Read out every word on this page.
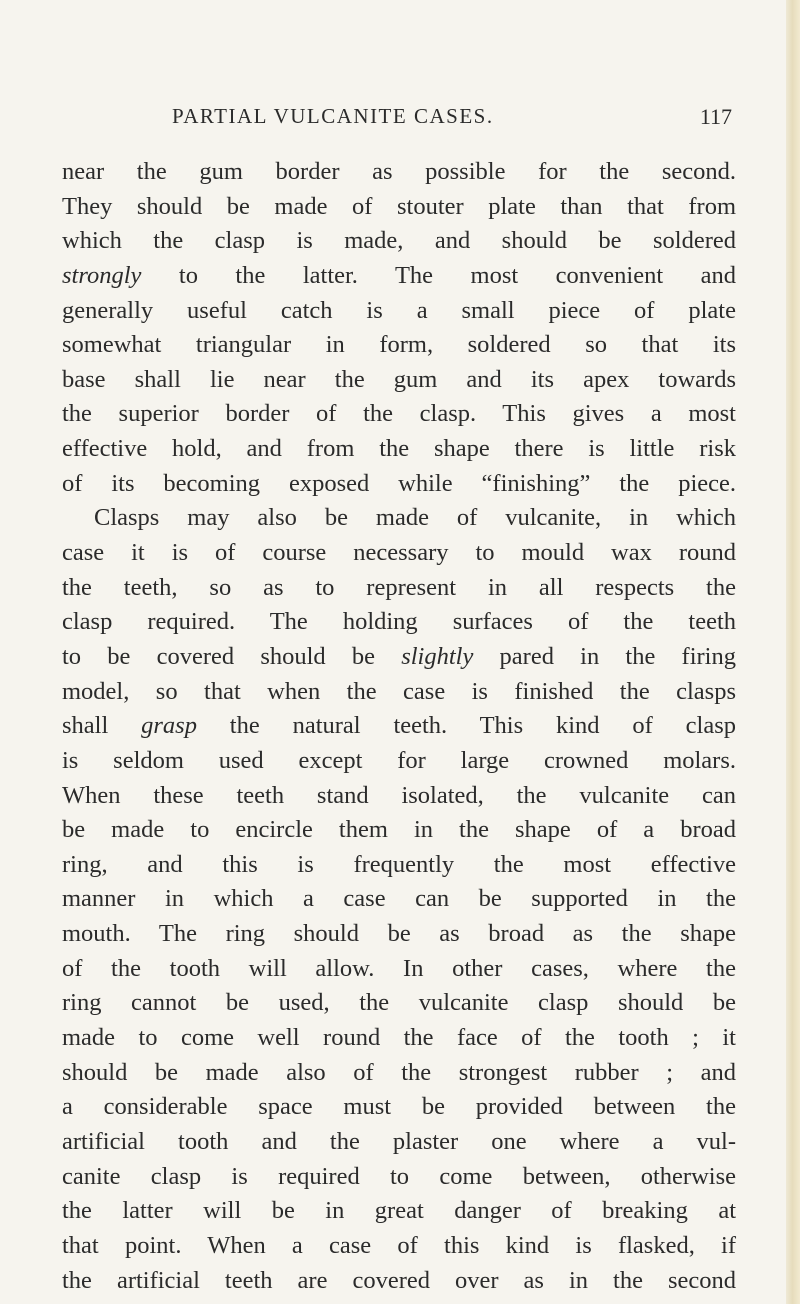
PARTIAL VULCANITE CASES.	117
near the gum border as possible for the second.
They should be made of stouter plate than that from
which the clasp is made, and should be soldered
strongly to the latter. The most convenient and
generally useful catch is a small piece of plate
somewhat triangular in form, soldered so that its
base shall lie near the gum and its apex towards
the superior border of the clasp. This gives a most
effective hold, and from the shape there is little risk
of its becoming exposed while “finishing” the piece.
Clasps may also be made of vulcanite, in which
case it is of course necessary to mould wax round
the teeth, so as to represent in all respects the
clasp required. The holding surfaces of the teeth
to be covered should be slightly pared in the firing
model, so that when the case is finished the clasps
shall grasp the natural teeth. This kind of clasp
is seldom used except for large crowned molars.
When these teeth stand isolated, the vulcanite can
be made to encircle them in the shape of a broad
ring, and this is frequently the most effective
manner in which a case can be supported in the
mouth. The ring should be as broad as the shape
of the tooth will allow. In other cases, where the
ring cannot be used, the vulcanite clasp should be
made to come well round the face of the tooth ; it
should be made also of the strongest rubber ; and
a considerable space must be provided between the
artificial tooth and the plaster one where a vul-
canite clasp is required to come between, otherwise
the latter will be in great danger of breaking at
that point. When a case of this kind is flasked, if
the artificial teeth are covered over as in the second
